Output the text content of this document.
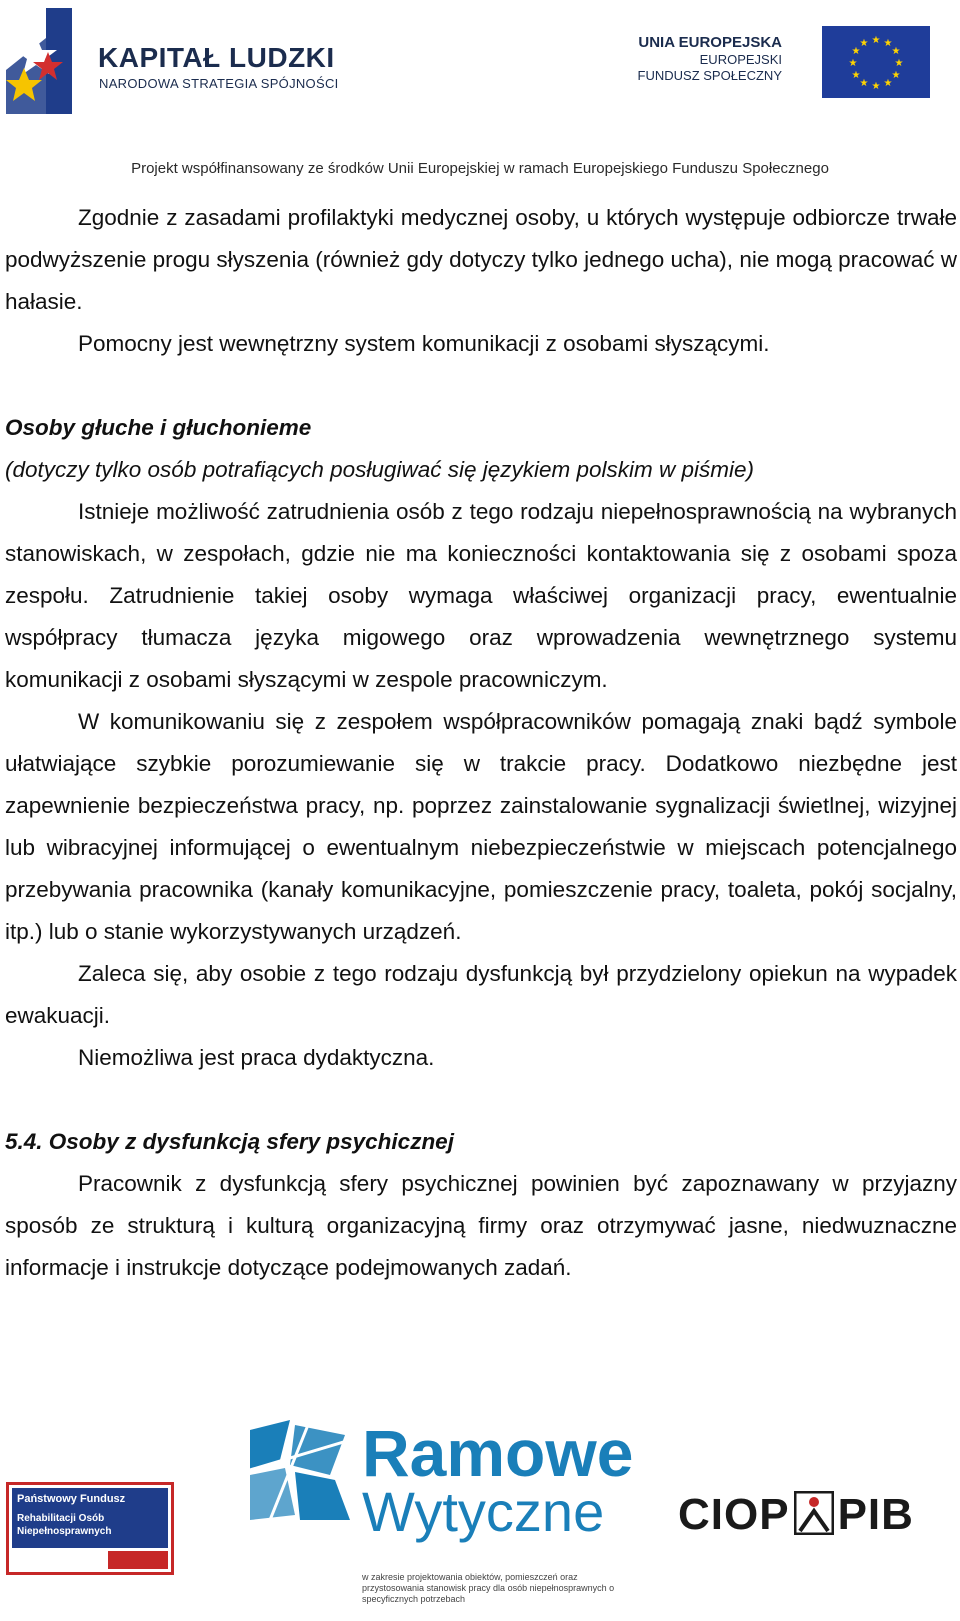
KAPITAŁ LUDZKI
NARODOWA STRATEGIA SPÓJNOŚCI
UNIA EUROPEJSKA
EUROPEJSKI
FUNDUSZ SPOŁECZNY
★ ★
★
★
★
★
★
★
★
★
★
★
Projekt współfinansowany ze środków Unii Europejskiej w ramach Europejskiego Funduszu Społecznego

Zgodnie z zasadami profilaktyki medycznej osoby, u których występuje odbiorcze trwałe podwyższenie progu słyszenia (również gdy dotyczy tylko jednego ucha), nie mogą pracować w hałasie.

Pomocny jest wewnętrzny system komunikacji z osobami słyszącymi.

Osoby głuche i głuchonieme

(dotyczy tylko osób potrafiących posługiwać się językiem polskim w piśmie)

Istnieje możliwość zatrudnienia osób z tego rodzaju niepełnosprawnością na wybranych stanowiskach, w zespołach, gdzie nie ma konieczności kontaktowania się z osobami spoza zespołu. Zatrudnienie takiej osoby wymaga właściwej organizacji pracy, ewentualnie współpracy tłumacza języka migowego oraz wprowadzenia wewnętrznego systemu komunikacji z osobami słyszącymi w zespole pracowniczym.

W komunikowaniu się z zespołem współpracowników pomagają znaki bądź symbole ułatwiające szybkie porozumiewanie się w trakcie pracy. Dodatkowo niezbędne jest zapewnienie bezpieczeństwa pracy, np. poprzez zainstalowanie sygnalizacji świetlnej, wizyjnej lub wibracyjnej informującej o ewentualnym niebezpieczeństwie w miejscach potencjalnego przebywania pracownika (kanały komunikacyjne, pomieszczenie pracy, toaleta, pokój socjalny, itp.) lub o stanie wykorzystywanych urządzeń.

Zaleca się, aby osobie z tego rodzaju dysfunkcją był przydzielony opiekun na wypadek ewakuacji.

Niemożliwa jest praca dydaktyczna.

5.4. Osoby z dysfunkcją sfery psychicznej

Pracownik z dysfunkcją sfery psychicznej powinien być zapoznawany w przyjazny sposób ze strukturą i kulturą organizacyjną firmy oraz otrzymywać jasne, niedwuznaczne informacje i instrukcje dotyczące podejmowanych zadań.

Państwowy Fundusz
Rehabilitacji Osób
Niepełnosprawnych
Ramowe
Wytyczne
w zakresie projektowania obiektów, pomieszczeń oraz przystosowania stanowisk pracy dla osób niepełnosprawnych o specyficznych potrzebach
CIOP PIB
